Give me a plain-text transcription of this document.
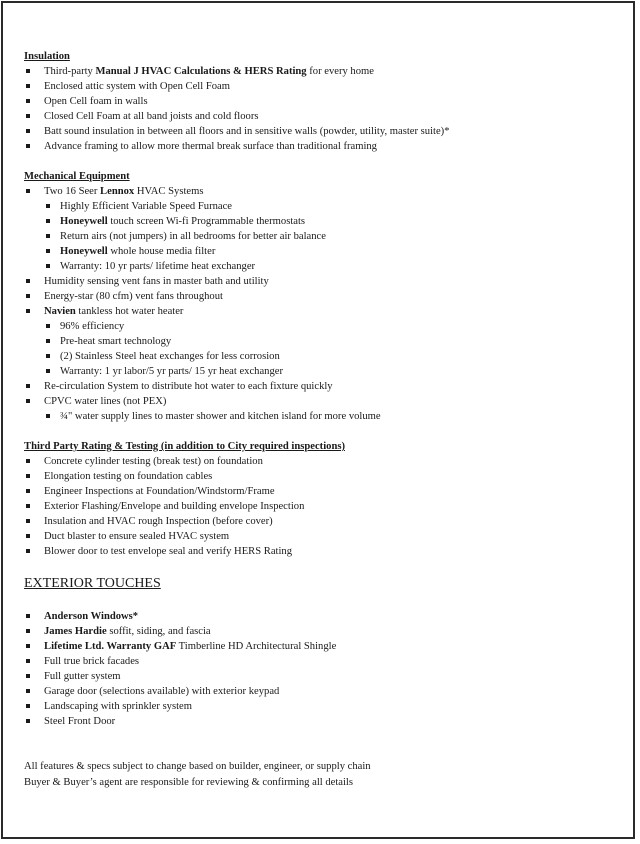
Insulation
Third-party Manual J HVAC Calculations & HERS Rating for every home
Enclosed attic system with Open Cell Foam
Open Cell foam in walls
Closed Cell Foam at all band joists and cold floors
Batt sound insulation in between all floors and in sensitive walls (powder, utility, master suite)*
Advance framing to allow more thermal break surface than traditional framing
Mechanical Equipment
Two 16 Seer Lennox HVAC Systems
Highly Efficient Variable Speed Furnace
Honeywell touch screen Wi-fi Programmable thermostats
Return airs (not jumpers) in all bedrooms for better air balance
Honeywell whole house media filter
Warranty: 10 yr parts/ lifetime heat exchanger
Humidity sensing vent fans in master bath and utility
Energy-star (80 cfm) vent fans throughout
Navien tankless hot water heater
96% efficiency
Pre-heat smart technology
(2) Stainless Steel heat exchanges for less corrosion
Warranty: 1 yr labor/5 yr parts/ 15 yr heat exchanger
Re-circulation System to distribute hot water to each fixture quickly
CPVC water lines (not PEX)
¾" water supply lines to master shower and kitchen island for more volume
Third Party Rating & Testing (in addition to City required inspections)
Concrete cylinder testing (break test) on foundation
Elongation testing on foundation cables
Engineer Inspections at Foundation/Windstorm/Frame
Exterior Flashing/Envelope and building envelope Inspection
Insulation and HVAC rough Inspection (before cover)
Duct blaster to ensure sealed HVAC system
Blower door to test envelope seal and verify HERS Rating
EXTERIOR TOUCHES
Anderson Windows*
James Hardie soffit, siding, and fascia
Lifetime Ltd. Warranty GAF Timberline HD Architectural Shingle
Full true brick facades
Full gutter system
Garage door (selections available) with exterior keypad
Landscaping with sprinkler system
Steel Front Door

All features & specs subject to change based on builder, engineer, or supply chain

Buyer & Buyer’s agent are responsible for reviewing & confirming all details
